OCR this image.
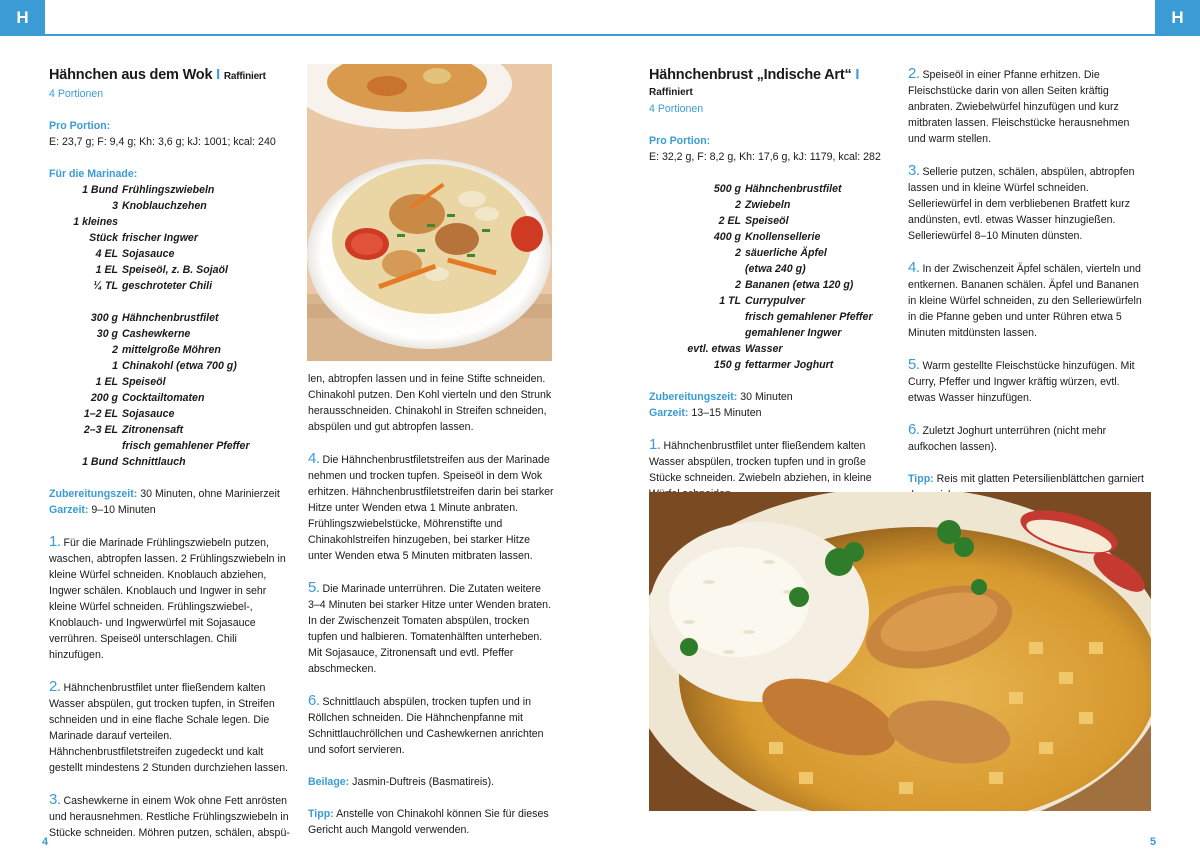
H	H
Hähnchen aus dem Wok I Raffiniert
4 Portionen
Pro Portion:
E: 23,7 g; F: 9,4 g; Kh: 3,6 g; kJ: 1001; kcal: 240
Für die Marinade:
1 Bund Frühlingszwiebeln
3 Knoblauchzehen
1 kleines
Stück frischer Ingwer
4 EL Sojasauce
1 EL Speiseöl, z. B. Sojaöl
¼ TL geschroteter Chili
300 g Hähnchenbrustfilet
30 g Cashewkerne
2 mittelgroße Möhren
1 Chinakohl (etwa 700 g)
1 EL Speiseöl
200 g Cocktailtomaten
1–2 EL Sojasauce
2–3 EL Zitronensaft
frisch gemahlener Pfeffer
1 Bund Schnittlauch
Zubereitungszeit: 30 Minuten, ohne Marinierzeit
Garzeit: 9–10 Minuten

1. Für die Marinade Frühlingszwiebeln putzen, waschen, abtropfen lassen. 2 Frühlingszwiebeln in kleine Würfel schneiden. Knoblauch abziehen, Ingwer schälen. Knoblauch und Ingwer in sehr kleine Würfel schneiden. Frühlingszwiebel-, Knoblauch- und Ingwerwürfel mit Sojasauce verrühren. Speiseöl unterschlagen. Chili hinzufügen.

2. Hähnchenbrustfilet unter fließendem kalten Wasser abspülen, gut trocken tupfen, in Streifen schneiden und in eine flache Schale legen. Die Marinade darauf verteilen. Hähnchenbrustfiletstreifen zugedeckt und kalt gestellt mindestens 2 Stunden durchziehen lassen.

3. Cashewkerne in einem Wok ohne Fett anrösten und herausnehmen. Restliche Frühlingszwiebeln in Stücke schneiden. Möhren putzen, schälen, abspü-

len, abtropfen lassen und in feine Stifte schneiden. Chinakohl putzen. Den Kohl vierteln und den Strunk herausschneiden. Chinakohl in Streifen schneiden, abspülen und gut abtropfen lassen.

4. Die Hähnchenbrustfiletstreifen aus der Marinade nehmen und trocken tupfen. Speiseöl in dem Wok erhitzen. Hähnchenbrustfiletstreifen darin bei starker Hitze unter Wenden etwa 1 Minute anbraten. Frühlingszwiebelstücke, Möhrenstifte und Chinakohlstreifen hinzugeben, bei starker Hitze unter Wenden etwa 5 Minuten mitbraten lassen.

5. Die Marinade unterrühren. Die Zutaten weitere 3–4 Minuten bei starker Hitze unter Wenden braten. In der Zwischenzeit Tomaten abspülen, trocken tupfen und halbieren. Tomatenhälften unterheben. Mit Sojasauce, Zitronensaft und evtl. Pfeffer abschmecken.

6. Schnittlauch abspülen, trocken tupfen und in Röllchen schneiden. Die Hähnchenpfanne mit Schnittlauchröllchen und Cashewkernen anrichten und sofort servieren.

Beilage: Jasmin-Duftreis (Basmatireis).
Tipp: Anstelle von Chinakohl können Sie für dieses Gericht auch Mangold verwenden.
4
Hähnchenbrust „Indische Art“ I
Raffiniert
4 Portionen
Pro Portion:
E: 32,2 g, F: 8,2 g, Kh: 17,6 g, kJ: 1179, kcal: 282
500 g Hähnchenbrustfilet
2 Zwiebeln
2 EL Speiseöl
400 g Knollensellerie
2 säuerliche Äpfel
(etwa 240 g)
2 Bananen (etwa 120 g)
1 TL Currypulver
frisch gemahlener Pfeffer
gemahlener Ingwer
evtl. etwas Wasser
150 g fettarmer Joghurt
Zubereitungszeit: 30 Minuten
Garzeit: 13–15 Minuten

1. Hähnchenbrustfilet unter fließendem kalten Wasser abspülen, trocken tupfen und in große Stücke schneiden. Zwiebeln abziehen, in kleine

2. Speiseöl in einer Pfanne erhitzen. Die Fleischstücke darin von allen Seiten kräftig anbraten. Zwiebelwürfel hinzufügen und kurz mitbraten lassen. Fleischstücke herausnehmen und warm stellen.

3. Sellerie putzen, schälen, abspülen, abtropfen lassen und in kleine Würfel schneiden. Selleriewürfel in dem verbliebenen Bratfett kurz andünsten, evtl. etwas Wasser hinzugießen. Selleriewürfel 8–10 Minuten dünsten.

4. In der Zwischenzeit Äpfel schälen, vierteln und entkernen. Bananen schälen. Äpfel und Bananen in kleine Würfel schneiden, zu den Selleriewürfeln in die Pfanne geben und unter Rühren etwa 5 Minuten mitdünsten lassen.

5. Warm gestellte Fleischstücke hinzufügen. Mit Curry, Pfeffer und Ingwer kräftig würzen, evtl. etwas Wasser hinzufügen.

6. Zuletzt Joghurt unterrühren (nicht mehr aufkochen lassen).

Tipp: Reis mit glatten Petersilienblättchen garniert
5
